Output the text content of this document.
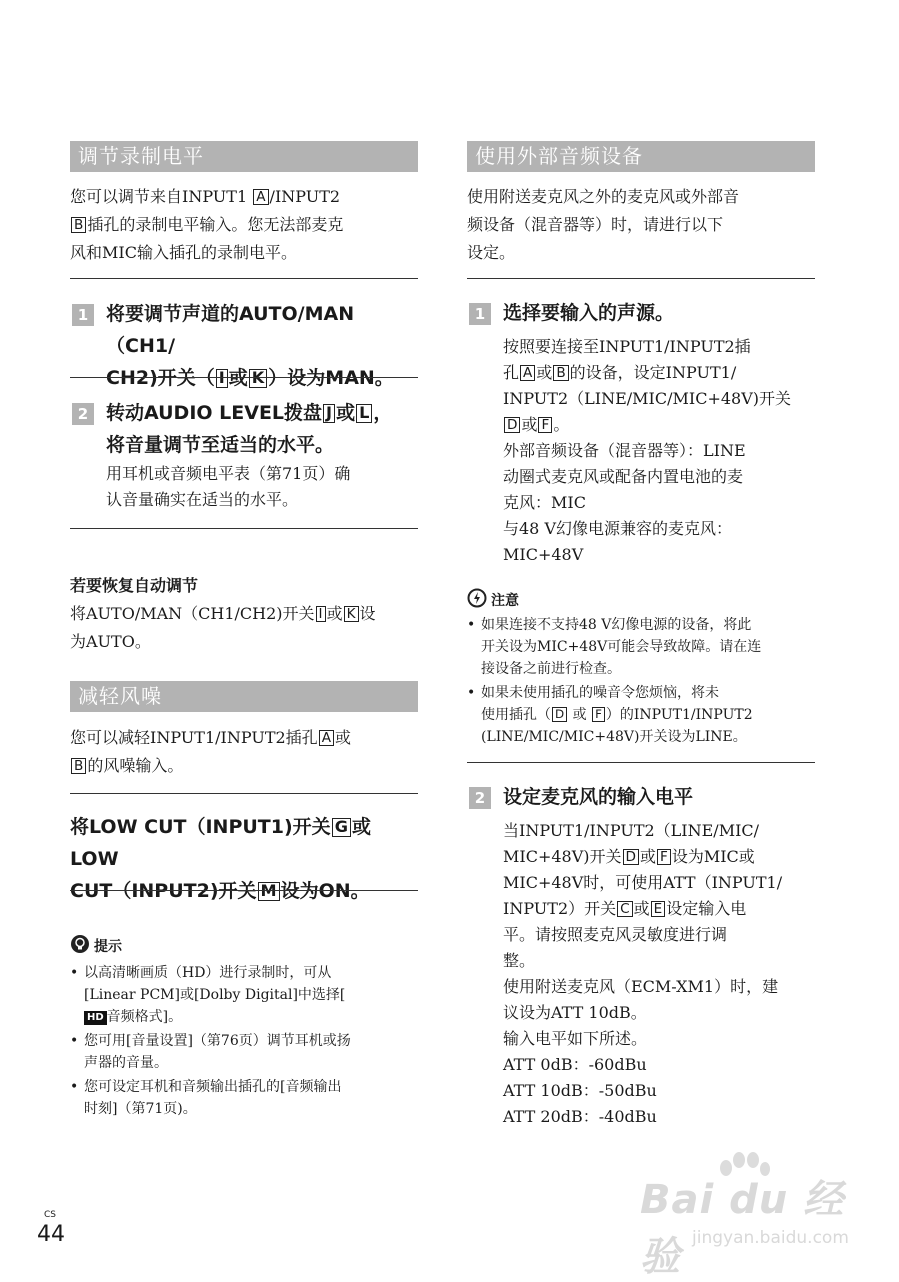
调节录制电平
您可以调节来自INPUT1 A /INPUT2
B 插孔的录制电平输入。您无法部麦克
风和MIC输入插孔的录制电平。
1 将要调节声道的AUTO/MAN（CH1/
CH2)开关（ I 或 K ）设为MAN。
2 转动AUDIO LEVEL拨盘 J 或 L ，
将音量调节至适当的水平。
用耳机或音频电平表（第71页）确
认音量确实在适当的水平。
若要恢复自动调节
将AUTO/MAN（CH1/CH2)开关 I 或 K 设
为AUTO。
减轻风噪
您可以减轻INPUT1/INPUT2插孔 A 或
B 的风噪输入。
将LOW CUT（INPUT1)开关 G 或LOW
CUT（INPUT2)开关 M 设为ON。
提示
• 以高清晰画质（HD）进行录制时，可从
[Linear PCM]或[Dolby Digital]中选择[
HD 音频格式]。
• 您可用[音量设置]（第76页）调节耳机或扬
声器的音量。
• 您可设定耳机和音频输出插孔的[音频输出
时刻]（第71页)。
使用外部音频设备
使用附送麦克风之外的麦克风或外部音
频设备（混音器等）时，请进行以下
设定。
1 选择要输入的声源。
按照要连接至INPUT1/INPUT2插
孔 A 或 B 的设备，设定INPUT1/
INPUT2（LINE/MIC/MIC+48V)开关
D 或 F 。
外部音频设备（混音器等）：LINE
动圈式麦克风或配备内置电池的麦
克风：MIC
与48 V幻像电源兼容的麦克风：
MIC+48V
注意
• 如果连接不支持48 V幻像电源的设备，将此
开关设为MIC+48V可能会导致故障。请在连
接设备之前进行检查。
• 如果未使用插孔的噪音令您烦恼，将未
使用插孔（ D 或 F ）的INPUT1/INPUT2
(LINE/MIC/MIC+48V)开关设为LINE。
2 设定麦克风的输入电平
当INPUT1/INPUT2（LINE/MIC/
MIC+48V)开关 D 或 F 设为MIC或
MIC+48V时，可使用ATT（INPUT1/
INPUT2）开关 C 或 E 设定输入电
平。请按照麦克风灵敏度进行调
整。
使用附送麦克风（ECM-XM1）时，建
议设为ATT 10dB。
输入电平如下所述。
ATT 0dB：-60dBu
ATT 10dB：-50dBu
ATT 20dB：-40dBu
CS
44
Bai du 经验 jingyan.baidu.com
